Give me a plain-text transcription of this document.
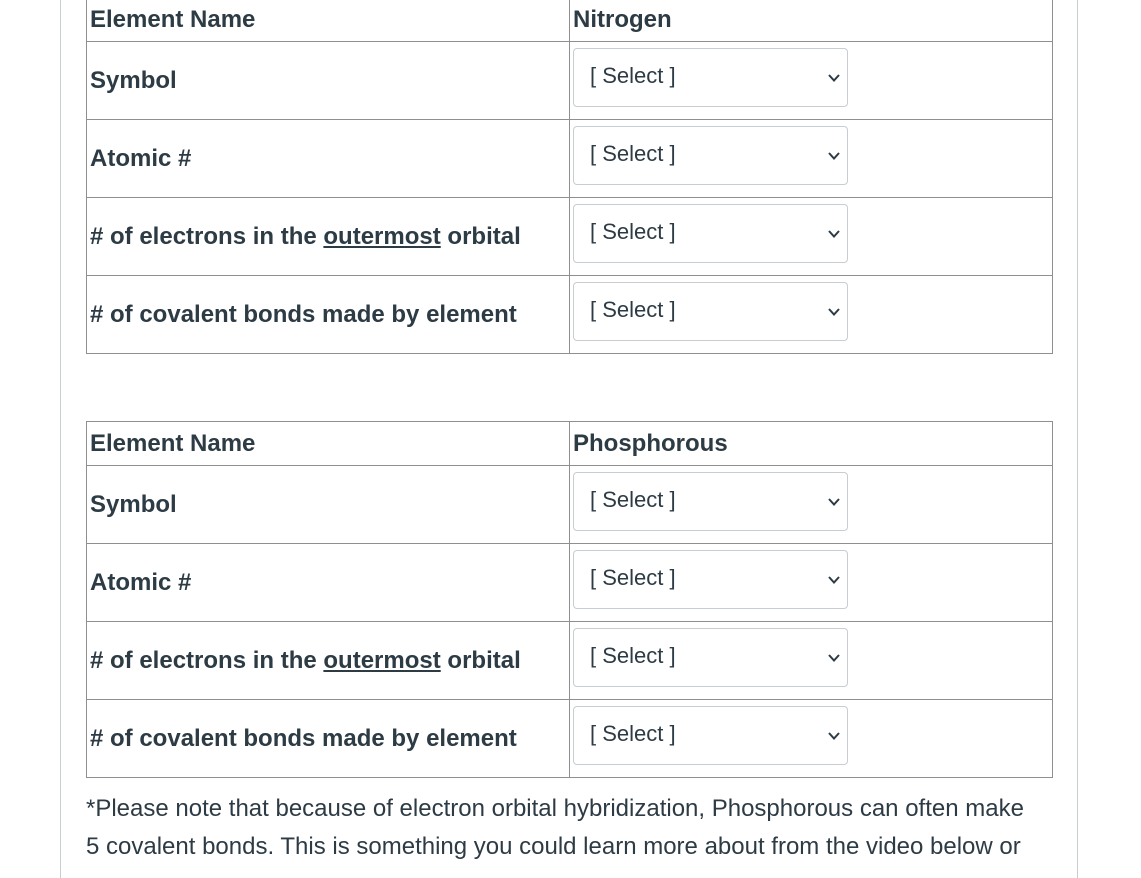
Element Name	Nitrogen
Symbol	[ Select ]

Atomic #	[ Select ]

# of electrons in the outermost orbital	[ Select ]

# of covalent bonds made by element	[ Select ]
Element Name	Phosphorous
Symbol	[ Select ]

Atomic #	[ Select ]

# of electrons in the outermost orbital	[ Select ]

# of covalent bonds made by element	[ Select ]
*Please note that because of electron orbital hybridization, Phosphorous can often make
5 covalent bonds. This is something you could learn more about from the video below or
